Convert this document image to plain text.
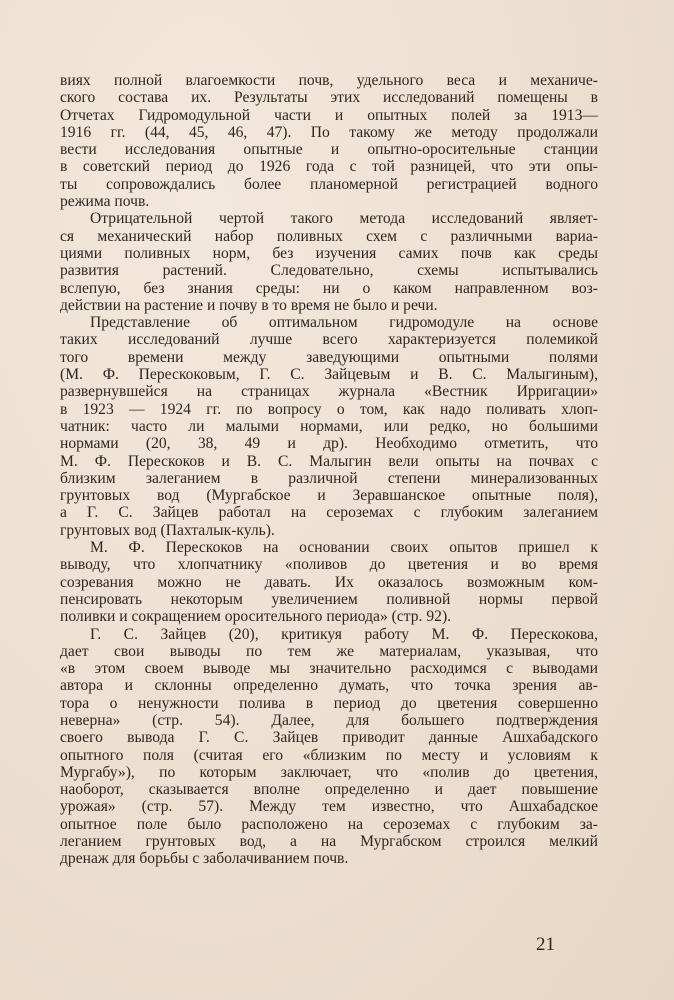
виях полной влагоемкости почв, удельного веса и механиче-
ского состава их. Результаты этих исследований помещены в
Отчетах Гидромодульной части и опытных полей за 1913—
1916 гг. (44, 45, 46, 47). По такому же методу продолжали
вести исследования опытные и опытно-оросительные станции
в советский период до 1926 года с той разницей, что эти опы-
ты сопровождались более планомерной регистрацией водного
режима почв.
Отрицательной чертой такого метода исследований являет-
ся механический набор поливных схем с различными вариа-
циями поливных норм, без изучения самих почв как среды
развития растений. Следовательно, схемы испытывались
вслепую, без знания среды: ни о каком направленном воз-
действии на растение и почву в то время не было и речи.
Представление об оптимальном гидромодуле на основе
таких исследований лучше всего характеризуется полемикой
того времени между заведующими опытными полями
(М. Ф. Перескоковым, Г. С. Зайцевым и В. С. Малыгиным),
развернувшейся на страницах журнала «Вестник Ирригации»
в 1923 — 1924 гг. по вопросу о том, как надо поливать хлоп-
чатник: часто ли малыми нормами, или редко, но большими
нормами (20, 38, 49 и др). Необходимо отметить, что
М. Ф. Перескоков и В. С. Малыгин вели опыты на почвах с
близким залеганием в различной степени минерализованных
грунтовых вод (Мургабское и Зеравшанское опытные поля),
а Г. С. Зайцев работал на сероземах с глубоким залеганием
грунтовых вод (Пахталык-куль).
М. Ф. Перескоков на основании своих опытов пришел к
выводу, что хлопчатнику «поливов до цветения и во время
созревания можно не давать. Их оказалось возможным ком-
пенсировать некоторым увеличением поливной нормы первой
поливки и сокращением оросительного периода» (стр. 92).
Г. С. Зайцев (20), критикуя работу М. Ф. Перескокова,
дает свои выводы по тем же материалам, указывая, что
«в этом своем выводе мы значительно расходимся с выводами
автора и склонны определенно думать, что точка зрения ав-
тора о ненужности полива в период до цветения совершенно
неверна» (стр. 54). Далее, для большего подтверждения
своего вывода Г. С. Зайцев приводит данные Ашхабадского
опытного поля (считая его «близким по месту и условиям к
Мургабу»), по которым заключает, что «полив до цветения,
наоборот, сказывается вполне определенно и дает повышение
урожая» (стр. 57). Между тем известно, что Ашхабадское
опытное поле было расположено на сероземах с глубоким за-
леганием грунтовых вод, а на Мургабском строился мелкий
дренаж для борьбы с заболачиванием почв.
21
